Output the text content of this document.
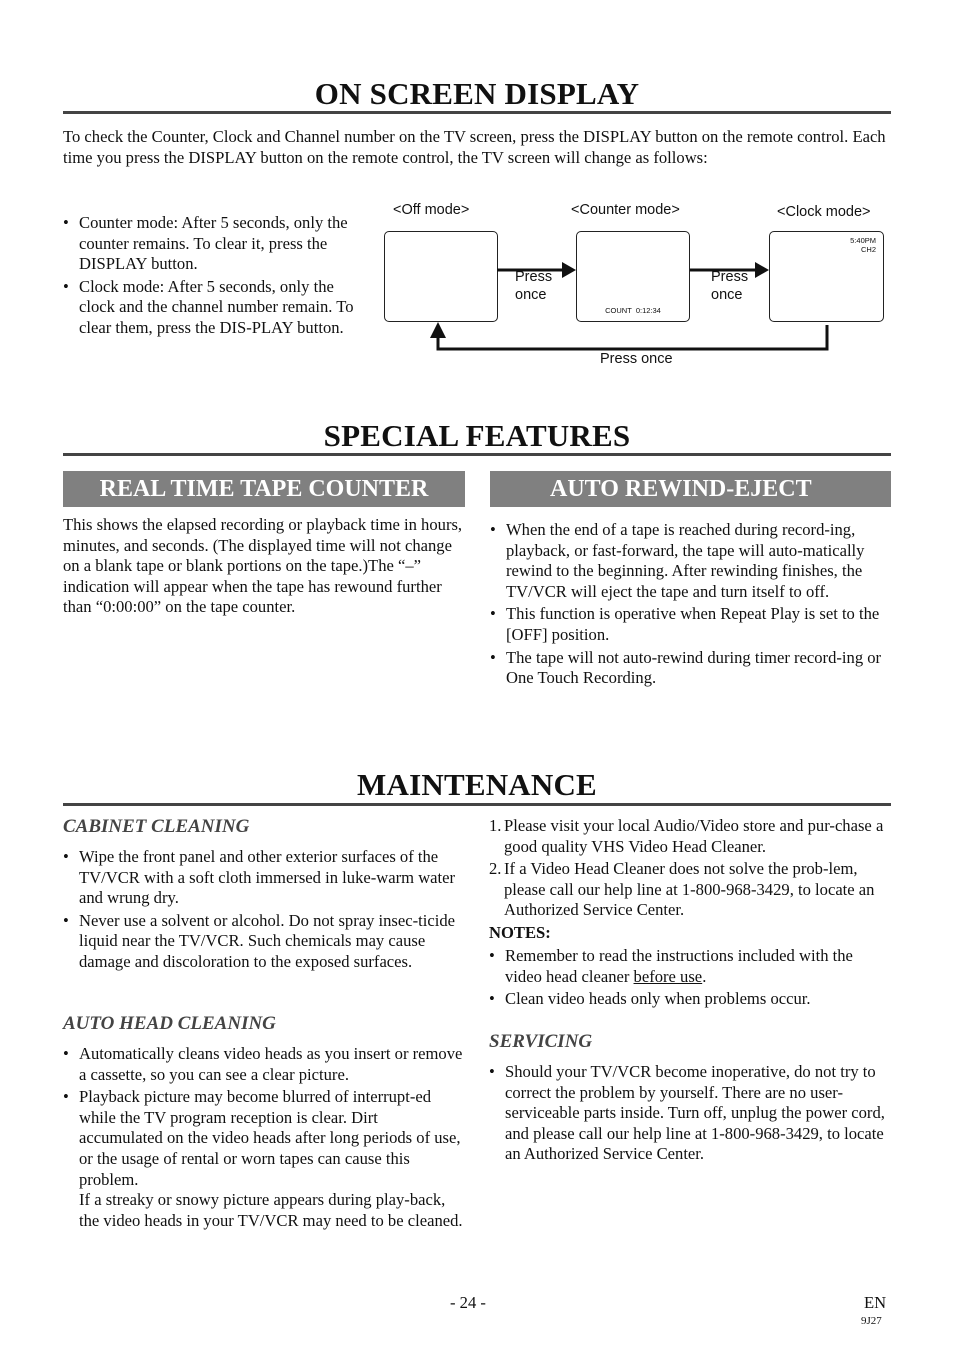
ON SCREEN DISPLAY
To check the Counter, Clock and Channel number on the TV screen, press the DISPLAY button on the remote control. Each time you press the DISPLAY button on the remote control, the TV screen will change as follows:
• Counter mode: After 5 seconds, only the counter remains. To clear it, press the DISPLAY button.
• Clock mode: After 5 seconds, only the clock and the channel number remain. To clear them, press the DIS-PLAY button.
<Off mode>	<Counter mode>	<Clock mode>
COUNT  0:12:34
5:40PM
CH2
Press once
Press once
Press once
SPECIAL FEATURES
REAL TIME TAPE COUNTER
This shows the elapsed recording or playback time in hours, minutes, and seconds. (The displayed time will not change on a blank tape or blank portions on the tape.)The “–” indication will appear when the tape has rewound further than “0:00:00” on the tape counter.
AUTO REWIND-EJECT
• When the end of a tape is reached during record-ing, playback, or fast-forward, the tape will auto-matically rewind to the beginning. After rewinding finishes, the TV/VCR will eject the tape and turn itself to off.
• This function is operative when Repeat Play is set to the [OFF] position.
• The tape will not auto-rewind during timer record-ing or One Touch Recording.
MAINTENANCE
CABINET CLEANING
• Wipe the front panel and other exterior surfaces of the TV/VCR with a soft cloth immersed in luke-warm water and wrung dry.
• Never use a solvent or alcohol. Do not spray insec-ticide liquid near the TV/VCR. Such chemicals may cause damage and discoloration to the exposed surfaces.
AUTO HEAD CLEANING
• Automatically cleans video heads as you insert or remove a cassette, so you can see a clear picture.
• Playback picture may become blurred of interrupt-ed while the TV program reception is clear. Dirt accumulated on the video heads after long periods of use, or the usage of rental or worn tapes can cause this problem.
If a streaky or snowy picture appears during play-back, the video heads in your TV/VCR may need to be cleaned.
1. Please visit your local Audio/Video store and pur-chase a good quality VHS Video Head Cleaner.
2. If a Video Head Cleaner does not solve the prob-lem, please call our help line at 1-800-968-3429, to locate an Authorized Service Center.
NOTES:
• Remember to read the instructions included with the video head cleaner before use.
• Clean video heads only when problems occur.
SERVICING
• Should your TV/VCR become inoperative, do not try to correct the problem by yourself. There are no user-serviceable parts inside. Turn off, unplug the power cord, and please call our help line at 1-800-968-3429, to locate an Authorized Service Center.
- 24 -	EN
9J27
